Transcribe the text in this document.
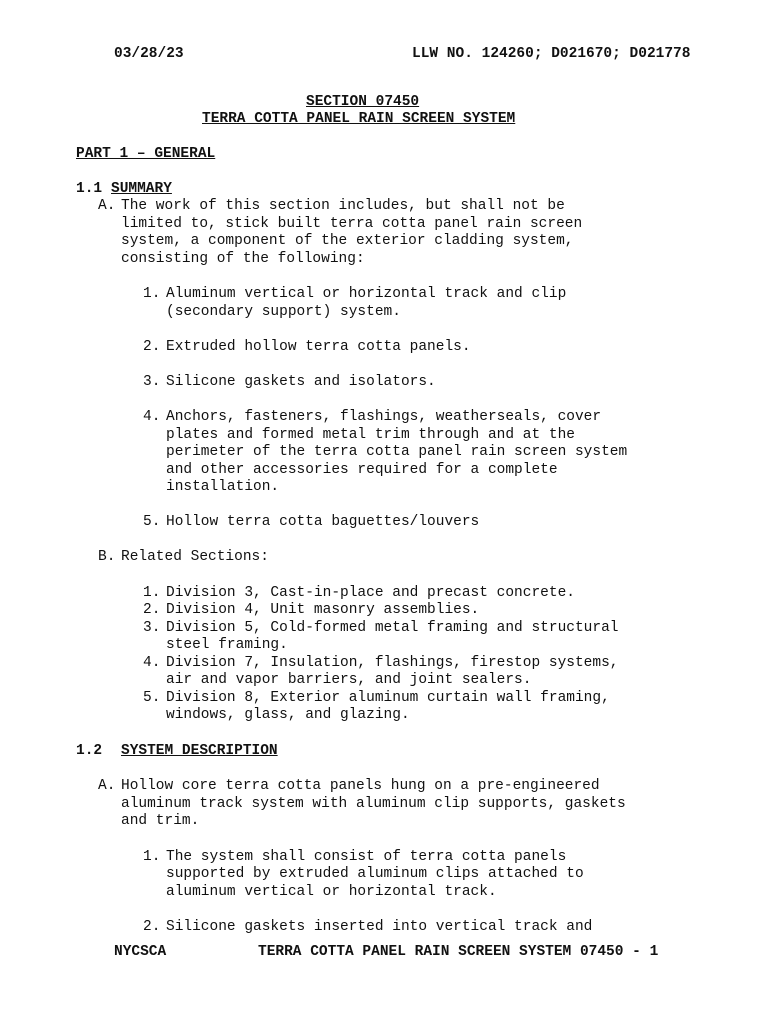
03/28/23	LLW NO. 124260; D021670; D021778
SECTION 07450
TERRA COTTA PANEL RAIN SCREEN SYSTEM
PART 1 – GENERAL
1.1 SUMMARY
A. The work of this section includes, but shall not be
limited to, stick built terra cotta panel rain screen
system, a component of the exterior cladding system,
consisting of the following:
1. Aluminum vertical or horizontal track and clip
(secondary support) system.
2. Extruded hollow terra cotta panels.
3. Silicone gaskets and isolators.
4. Anchors, fasteners, flashings, weatherseals, cover
plates and formed metal trim through and at the
perimeter of the terra cotta panel rain screen system
and other accessories required for a complete
installation.
5. Hollow terra cotta baguettes/louvers
B. Related Sections:
1. Division 3, Cast-in-place and precast concrete.
2. Division 4, Unit masonry assemblies.
3. Division 5, Cold-formed metal framing and structural
steel framing.
4. Division 7, Insulation, flashings, firestop systems,
air and vapor barriers, and joint sealers.
5. Division 8, Exterior aluminum curtain wall framing,
windows, glass, and glazing.
1.2 SYSTEM DESCRIPTION
A. Hollow core terra cotta panels hung on a pre-engineered
aluminum track system with aluminum clip supports, gaskets
and trim.
1. The system shall consist of terra cotta panels
supported by extruded aluminum clips attached to
aluminum vertical or horizontal track.
2. Silicone gaskets inserted into vertical track and
NYCSCA	TERRA COTTA PANEL RAIN SCREEN SYSTEM 07450 - 1
